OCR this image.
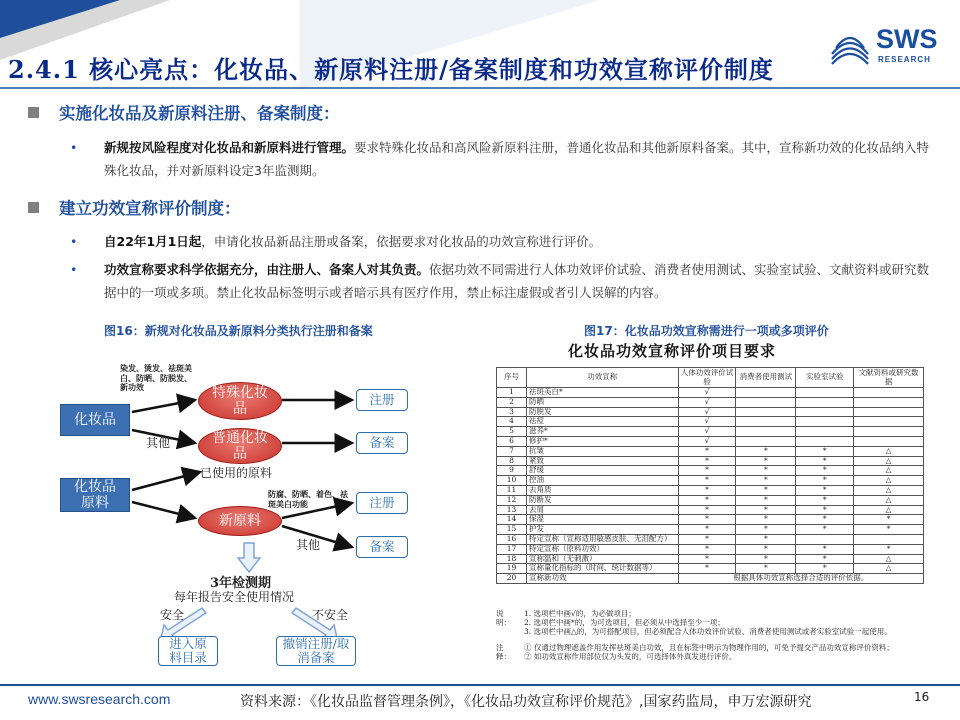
2.4.1 核心亮点：化妆品、新原料注册/备案制度和功效宣称评价制度
SWS
RESEARCH
实施化妆品及新原料注册、备案制度：
• 新规按风险程度对化妆品和新原料进行管理。要求特殊化妆品和高风险新原料注册，普通化妆品和其他新原料备案。其中，宣称新功效的化妆品纳入特殊化妆品，并对新原料设定3年监测期。
建立功效宣称评价制度：
• 自22年1月1日起，申请化妆品新品注册或备案，依据要求对化妆品的功效宣称进行评价。
• 功效宣称要求科学依据充分，由注册人、备案人对其负责。依据功效不同需进行人体功效评价试验、消费者使用测试、实验室试验、文献资料或研究数据中的一项或多项。禁止化妆品标签明示或者暗示具有医疗作用，禁止标注虚假或者引人误解的内容。
图16：新规对化妆品及新原料分类执行注册和备案	图17：化妆品功效宣称需进行一项或多项评价
染发、烫发、祛斑美白、防晒、防脱发、新功效
化妆品
特殊化妆品
注册
其他	普通化妆品
备案
已使用的原料
化妆品原料
防腐、防晒、着色、祛斑美白功能
新原料
注册
其他	备案
3年检测期
每年报告安全使用情况
安全	不安全
进入原料目录
撤销注册/取消备案
化妆品功效宣称评价项目要求
序号	功效宣称	人体功效评价试验	消费者使用测试	实验室试验	文献资料或研究数据
1	祛斑美白*	√			
2	防晒	√			
3	防脱发	√			
4	祛痘	√			
5	滋养*	√			
6	修护*	√			
7	抗皱	*	*	*	△
8	紧致	*	*	*	△
9	舒缓	*	*	*	△
10	控油	*	*	*	△
11	去角质	*	*	*	△
12	防断发	*	*	*	△
13	去屑	*	*	*	△
14	保湿	*	*	*	*
15	护发	*	*	*	*
16	特定宣称（宣称适用敏感皮肤、无泪配方）	*	*		
17	特定宣称（原料功效）	*	*	*	*
18	宣称温和（无刺激）	*	*	*	△
19	宣称量化指标的（时间、统计数据等）	*	*	*	△
20	宣称新功效	根据具体功效宣称选择合适的评价依据。			
说明：
1. 选项栏中画√的，为必做项目；
2. 选项栏中画*的，为可选项目，但必须从中选择至少一项；
3. 选项栏中画△的，为可搭配项目，但必须配合人体功效评价试验、消费者使用测试或者实验室试验一起使用。
注释：
① 仅通过物理遮盖作用发挥祛斑美白功效，且在标签中明示为物理作用的，可免予提交产品功效宣称评价资料；
② 如功效宣称作用部位仅为头发的，可选择体外真发进行评价。
www.swsresearch.com	资料来源：《化妆品监督管理条例》，《化妆品功效宣称评价规范》,国家药监局，申万宏源研究	16
